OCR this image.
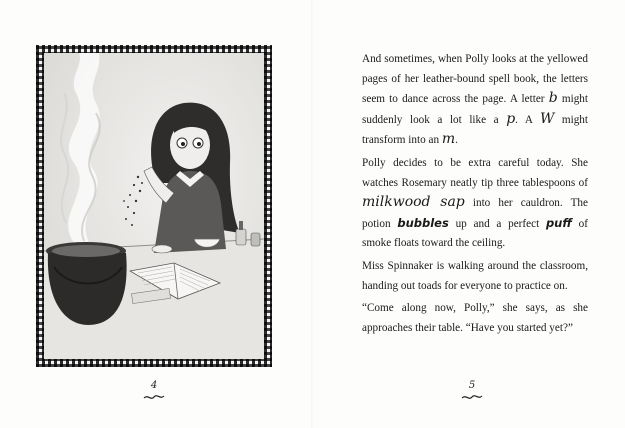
4

And sometimes, when Polly looks at the yellowed pages of her leather-bound spell book, the letters seem to dance across the page. A letter b might suddenly look a lot like a p. A W might transform into an m.

Polly decides to be extra careful today. She watches Rosemary neatly tip three tablespoons of milkwood sap into her cauldron. The potion bubbles up and a perfect puff of smoke floats toward the ceiling.

Miss Spinnaker is walking around the classroom, handing out toads for everyone to practice on.

“Come along now, Polly,” she says, as she approaches their table. “Have you started yet?”

5
